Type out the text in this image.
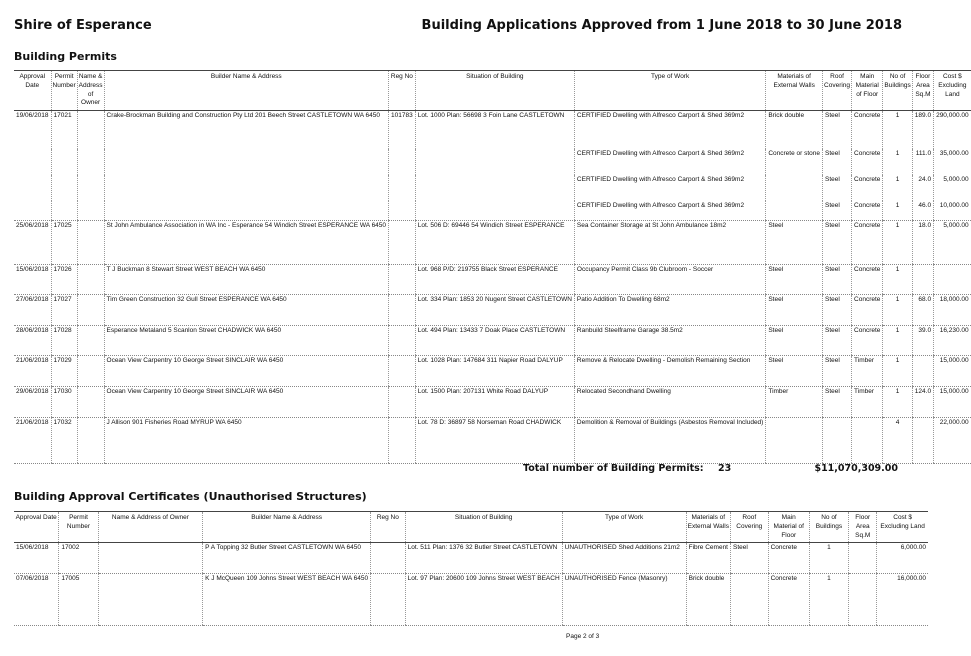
Shire of Esperance	Building Applications Approved from 1 June 2018 to 30 June 2018
Building Permits
Approval Date	Permit Number	Name & Address of Owner	Builder Name & Address	Reg No	Situation of Building	Type of Work	Materials of External Walls	Roof Covering	Main Material of Floor	No of Buildings	Floor Area Sq.M	Cost $ Excluding Land
19/06/2018	17021		Crake-Brockman Building and Construction Pty Ltd 201 Beech Street CASTLETOWN WA 6450	101783	Lot. 1000 Plan: 56698 3 Foin Lane CASTLETOWN	CERTIFIED Dwelling with Alfresco Carport & Shed 369m2	Brick double	Steel	Concrete	1	189.0	290,000.00
						CERTIFIED Dwelling with Alfresco Carport & Shed 369m2	Concrete or stone	Steel	Concrete	1	111.0	35,000.00
						CERTIFIED Dwelling with Alfresco Carport & Shed 369m2		Steel	Concrete	1	24.0	5,000.00
						CERTIFIED Dwelling with Alfresco Carport & Shed 369m2		Steel	Concrete	1	46.0	10,000.00
25/06/2018	17025		St John Ambulance Association in WA Inc - Esperance 54 Windich Street ESPERANCE WA 6450		Lot. 506 D: 69446 54 Windich Street ESPERANCE	Sea Container Storage at St John Ambulance 18m2	Steel	Steel	Concrete	1	18.0	5,000.00
15/06/2018	17026		T J Buckman 8 Stewart Street WEST BEACH WA 6450		Lot. 968 P/D: 219755 Black Street ESPERANCE	Occupancy Permit Class 9b Clubroom - Soccer	Steel	Steel	Concrete	1		
27/06/2018	17027		Tim Green Construction 32 Gull Street ESPERANCE WA 6450		Lot. 334 Plan: 1853 20 Nugent Street CASTLETOWN	Patio Addition To Dwelling 68m2	Steel	Steel	Concrete	1	68.0	18,000.00
28/06/2018	17028		Esperance Metaland 5 Scanlon Street CHADWICK WA 6450		Lot. 494 Plan: 13433 7 Doak Place CASTLETOWN	Ranbuild Steelframe Garage 38.5m2	Steel	Steel	Concrete	1	39.0	16,230.00
21/06/2018	17029		Ocean View Carpentry 10 George Street SINCLAIR WA 6450		Lot. 1028 Plan: 147684 311 Napier Road DALYUP	Remove & Relocate Dwelling - Demolish Remaining Section	Steel	Steel	Timber	1		15,000.00
29/06/2018	17030		Ocean View Carpentry 10 George Street SINCLAIR WA 6450		Lot. 1500 Plan: 207131 White Road DALYUP	Relocated Secondhand Dwelling	Timber	Steel	Timber	1	124.0	15,000.00
21/06/2018	17032		J Allison 901 Fisheries Road MYRUP WA 6450		Lot. 78 D: 36897 58 Norseman Road CHADWICK	Demolition & Removal of Buildings (Asbestos Removal Included)				4		22,000.00
Total number of Building Permits: 23	$11,070,309.00
Building Approval Certificates (Unauthorised Structures)
Approval Date	Permit Number	Name & Address of Owner	Builder Name & Address	Reg No	Situation of Building	Type of Work	Materials of External Walls	Roof Covering	Main Material of Floor	No of Buildings	Floor Area Sq.M	Cost $ Excluding Land
15/06/2018	17002		P A Topping 32 Butler Street CASTLETOWN WA 6450		Lot. 511 Plan: 1376 32 Butler Street CASTLETOWN	UNAUTHORISED Shed Additions 21m2	Fibre Cement	Steel	Concrete	1		6,000.00
07/06/2018	17005		K J McQueen 109 Johns Street WEST BEACH WA 6450		Lot. 97 Plan: 20600 109 Johns Street WEST BEACH	UNAUTHORISED Fence (Masonry)	Brick double		Concrete	1		16,000.00
Page 2 of 3
